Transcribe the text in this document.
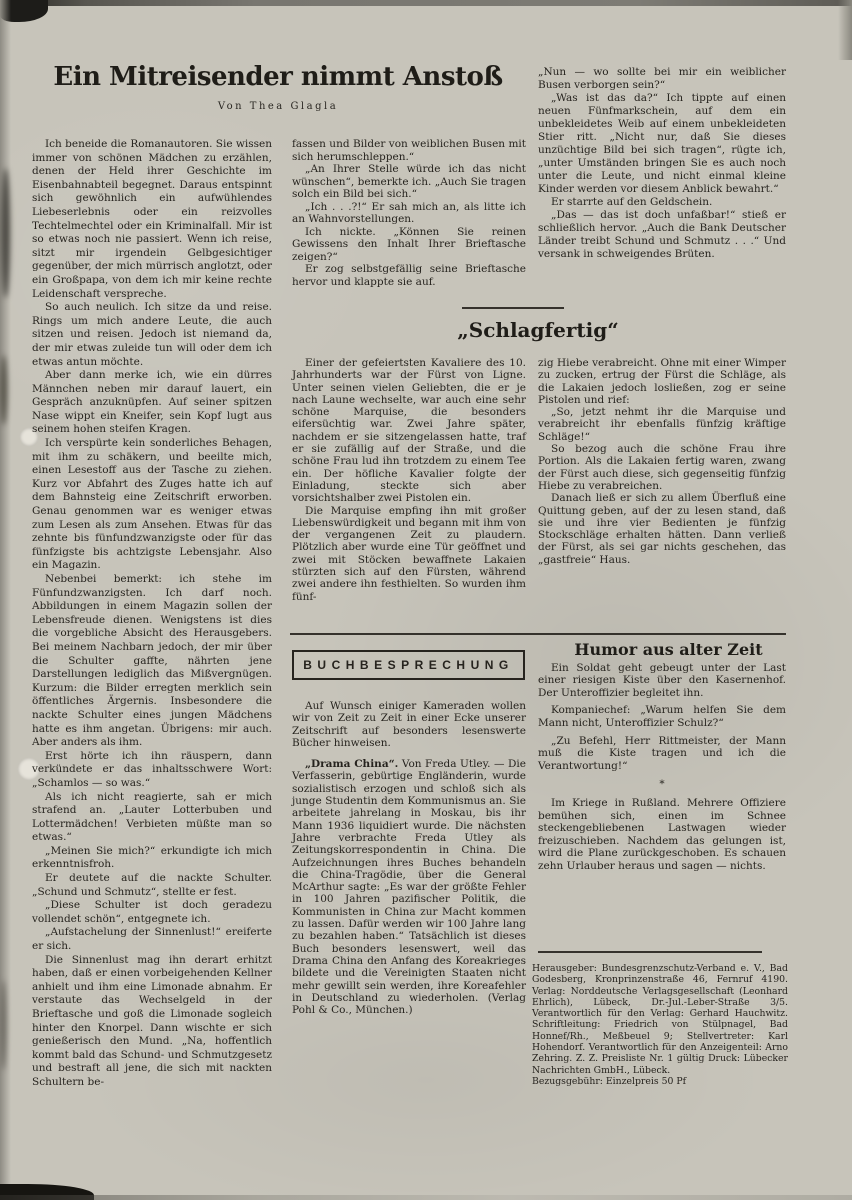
Ein Mitreisender nimmt Anstoß
Von Thea Glagla

Ich beneide die Romanautoren. Sie wissen immer von schönen Mädchen zu erzählen, denen der Held ihrer Geschichte im Eisenbahnabteil begegnet. Daraus entspinnt sich gewöhnlich ein aufwühlendes Liebeserlebnis oder ein reizvolles Techtelmechtel oder ein Kriminalfall. Mir ist so etwas noch nie passiert. Wenn ich reise, sitzt mir irgendein Gelbgesichtiger gegenüber, der mich mürrisch anglotzt, oder ein Großpapa, von dem ich mir keine rechte Leidenschaft verspreche.

So auch neulich. Ich sitze da und reise. Rings um mich andere Leute, die auch sitzen und reisen. Jedoch ist niemand da, der mir etwas zuleide tun will oder dem ich etwas antun möchte.

Aber dann merke ich, wie ein dürres Männchen neben mir darauf lauert, ein Gespräch anzuknüpfen. Auf seiner spitzen Nase wippt ein Kneifer, sein Kopf lugt aus seinem hohen steifen Kragen.

Ich verspürte kein sonderliches Behagen, mit ihm zu schäkern, und beeilte mich, einen Lesestoff aus der Tasche zu ziehen. Kurz vor Abfahrt des Zuges hatte ich auf dem Bahnsteig eine Zeitschrift erworben. Genau genommen war es weniger etwas zum Lesen als zum Ansehen. Etwas für das zehnte bis fünfundzwanzigste oder für das fünfzigste bis achtzigste Lebensjahr. Also ein Magazin.

Nebenbei bemerkt: ich stehe im Fünfundzwanzigsten. Ich darf noch. Abbildungen in einem Magazin sollen der Lebensfreude dienen. Wenigstens ist dies die vorgebliche Absicht des Herausgebers. Bei meinem Nachbarn jedoch, der mir über die Schulter gaffte, nährten jene Darstellungen lediglich das Mißvergnügen. Kurzum: die Bilder erregten merklich sein öffentliches Ärgernis. Insbesondere die nackte Schulter eines jungen Mädchens hatte es ihm angetan. Übrigens: mir auch. Aber anders als ihm.

Erst hörte ich ihn räuspern, dann verkündete er das inhaltsschwere Wort: „Schamlos — so was.“

Als ich nicht reagierte, sah er mich strafend an. „Lauter Lotterbuben und Lottermädchen! Verbieten müßte man so etwas.“

„Meinen Sie mich?“ erkundigte ich mich erkenntnisfroh.

Er deutete auf die nackte Schulter. „Schund und Schmutz“, stellte er fest.

„Diese Schulter ist doch geradezu vollendet schön“, entgegnete ich.

„Aufstachelung der Sinnenlust!“ ereiferte er sich.

Die Sinnenlust mag ihn derart erhitzt haben, daß er einen vorbeigehenden Kellner anhielt und ihm eine Limonade abnahm. Er verstaute das Wechselgeld in der Brieftasche und goß die Limonade sogleich hinter den Knorpel. Dann wischte er sich genießerisch den Mund. „Na, hoffentlich kommt bald das Schund- und Schmutzgesetz und bestraft all jene, die sich mit nackten Schultern be-

fassen und Bilder von weiblichen Busen mit sich herumschleppen.“

„An Ihrer Stelle würde ich das nicht wünschen“, bemerkte ich. „Auch Sie tragen solch ein Bild bei sich.“

„Ich . . .?!“ Er sah mich an, als litte ich an Wahnvorstellungen.

Ich nickte. „Können Sie reinen Gewissens den Inhalt Ihrer Brieftasche zeigen?“

Er zog selbstgefällig seine Brieftasche hervor und klappte sie auf.

„Nun — wo sollte bei mir ein weiblicher Busen verborgen sein?“

„Was ist das da?“ Ich tippte auf einen neuen Fünfmarkschein, auf dem ein unbekleidetes Weib auf einem unbekleideten Stier ritt. „Nicht nur, daß Sie dieses unzüchtige Bild bei sich tragen“, rügte ich, „unter Umständen bringen Sie es auch noch unter die Leute, und nicht einmal kleine Kinder werden vor diesem Anblick bewahrt.“

Er starrte auf den Geldschein.

„Das — das ist doch unfaßbar!“ stieß er schließlich hervor. „Auch die Bank Deutscher Länder treibt Schund und Schmutz . . .“ Und versank in schweigendes Brüten.

„Schlagfertig“

Einer der gefeiertsten Kavaliere des 10. Jahrhunderts war der Fürst von Ligne. Unter seinen vielen Geliebten, die er je nach Laune wechselte, war auch eine sehr schöne Marquise, die besonders eifersüchtig war. Zwei Jahre später, nachdem er sie sitzengelassen hatte, traf er sie zufällig auf der Straße, und die schöne Frau lud ihn trotzdem zu einem Tee ein. Der höfliche Kavalier folgte der Einladung, steckte sich aber vorsichtshalber zwei Pistolen ein.

Die Marquise empfing ihn mit großer Liebenswürdigkeit und begann mit ihm von der vergangenen Zeit zu plaudern. Plötzlich aber wurde eine Tür geöffnet und zwei mit Stöcken bewaffnete Lakaien stürzten sich auf den Fürsten, während zwei andere ihn festhielten. So wurden ihm fünf-

zig Hiebe verabreicht. Ohne mit einer Wimper zu zucken, ertrug der Fürst die Schläge, als die Lakaien jedoch losließen, zog er seine Pistolen und rief:

„So, jetzt nehmt ihr die Marquise und verabreicht ihr ebenfalls fünfzig kräftige Schläge!“

So bezog auch die schöne Frau ihre Portion. Als die Lakaien fertig waren, zwang der Fürst auch diese, sich gegenseitig fünfzig Hiebe zu verabreichen.

Danach ließ er sich zu allem Überfluß eine Quittung geben, auf der zu lesen stand, daß sie und ihre vier Bedienten je fünfzig Stockschläge erhalten hätten. Dann verließ der Fürst, als sei gar nichts geschehen, das „gastfreie“ Haus.

BUCHBESPRECHUNG

Auf Wunsch einiger Kameraden wollen wir von Zeit zu Zeit in einer Ecke unserer Zeitschrift auf besonders lesenswerte Bücher hinweisen.

„Drama China“. Von Freda Utley. — Die Verfasserin, gebürtige Engländerin, wurde sozialistisch erzogen und schloß sich als junge Studentin dem Kommunismus an. Sie arbeitete jahrelang in Moskau, bis ihr Mann 1936 liquidiert wurde. Die nächsten Jahre verbrachte Freda Utley als Zeitungskorrespondentin in China. Die Aufzeichnungen ihres Buches behandeln die China-Tragödie, über die General McArthur sagte: „Es war der größte Fehler in 100 Jahren pazifischer Politik, die Kommunisten in China zur Macht kommen zu lassen. Dafür werden wir 100 Jahre lang zu bezahlen haben.“ Tatsächlich ist dieses Buch besonders lesenswert, weil das Drama China den Anfang des Koreakrieges bildete und die Vereinigten Staaten nicht mehr gewillt sein werden, ihre Koreafehler in Deutschland zu wiederholen. (Verlag Pohl & Co., München.)

Humor aus alter Zeit

Ein Soldat geht gebeugt unter der Last einer riesigen Kiste über den Kasernenhof. Der Unteroffizier begleitet ihn.

Kompaniechef: „Warum helfen Sie dem Mann nicht, Unteroffizier Schulz?“

„Zu Befehl, Herr Rittmeister, der Mann muß die Kiste tragen und ich die Verantwortung!“

*

Im Kriege in Rußland. Mehrere Offiziere bemühen sich, einen im Schnee steckengebliebenen Lastwagen wieder freizuschieben. Nachdem das gelungen ist, wird die Plane zurückgeschoben. Es schauen zehn Urlauber heraus und sagen — nichts.

Herausgeber: Bundesgrenzschutz-Verband e. V., Bad Godesberg, Kronprinzenstraße 46, Fernruf 4190. Verlag: Norddeutsche Verlagsgesellschaft (Leonhard Ehrlich), Lübeck, Dr.-Jul.-Leber-Straße 3/5. Verantwortlich für den Verlag: Gerhard Hauchwitz. Schriftleitung: Friedrich von Stülpnagel, Bad Honnef/Rh., Meßbeuel 9; Stellvertreter: Karl Hohendorf. Verantwortlich für den Anzeigenteil: Arno Zehring. Z. Z. Preisliste Nr. 1 gültig Druck: Lübecker Nachrichten GmbH., Lübeck.

Bezugsgebühr: Einzelpreis 50 Pf
